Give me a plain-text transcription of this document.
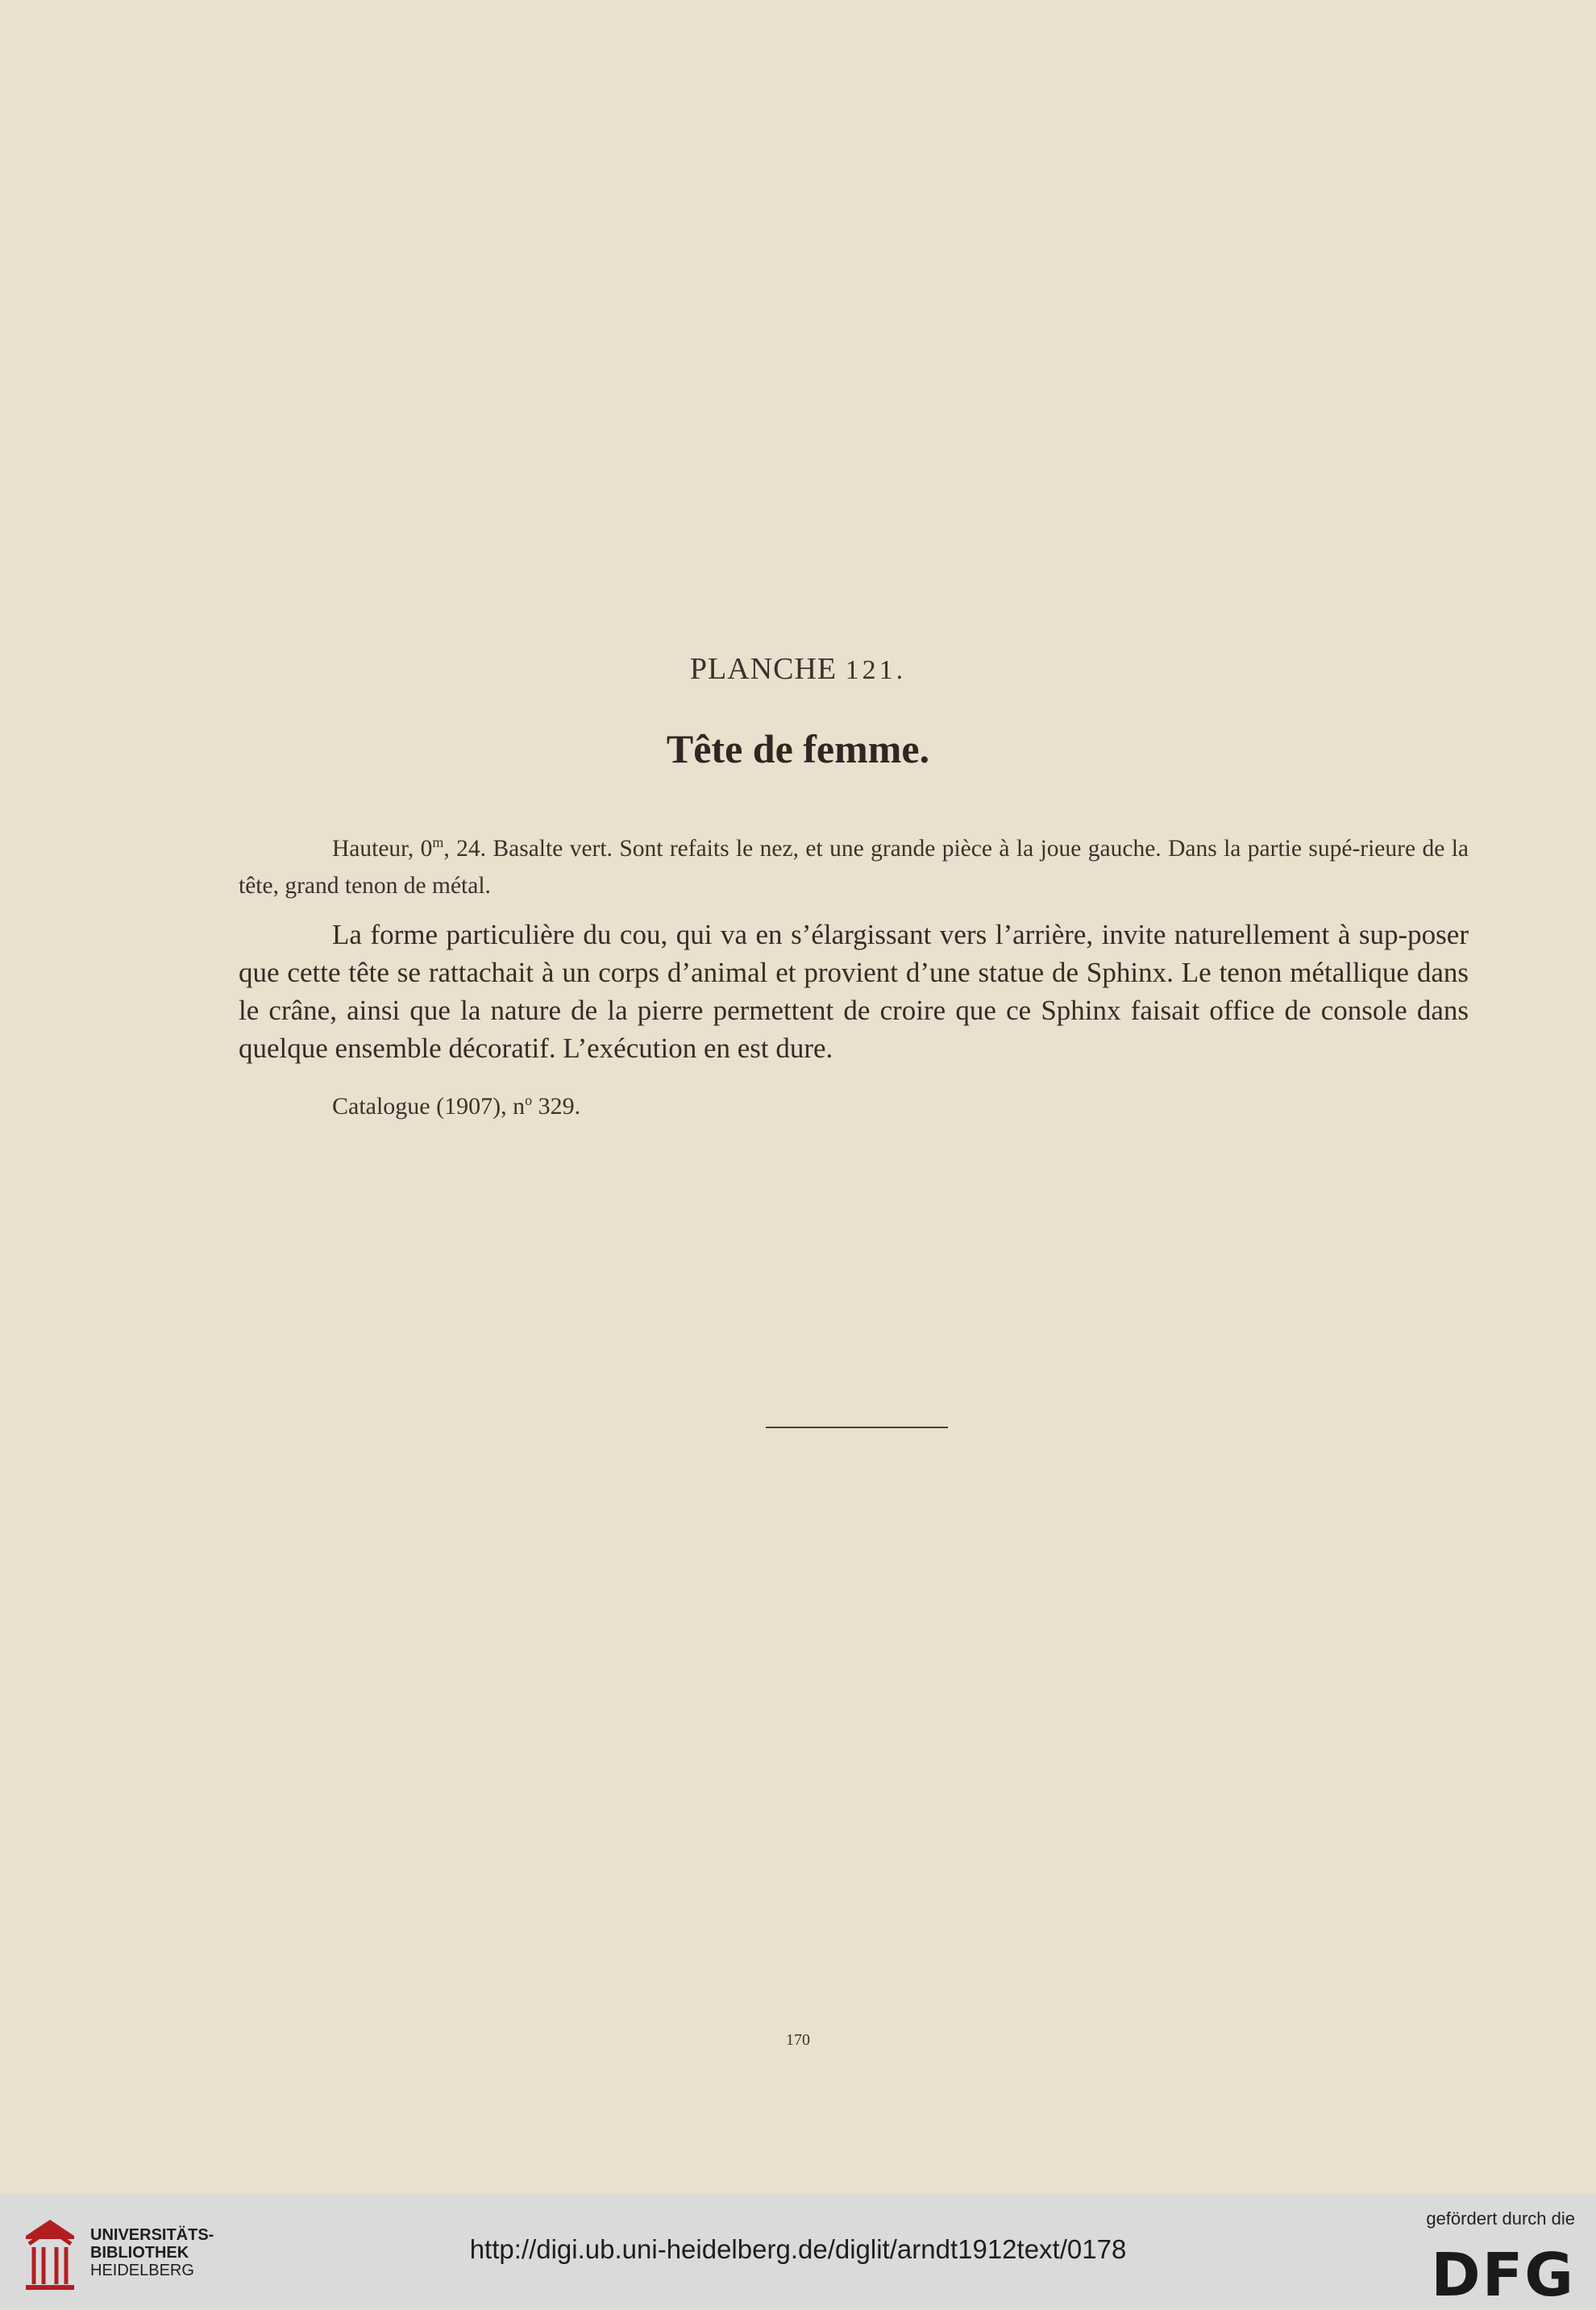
PLANCHE 121.
Tête de femme.
Hauteur, 0$^m$, 24. Basalte vert. Sont refaits le nez, et une grande pièce à la joue gauche. Dans la partie supé-rieure de la tête, grand tenon de métal.
La forme particulière du cou, qui va en s’élargissant vers l’arrière, invite naturellement à sup-poser que cette tête se rattachait à un corps d’animal et provient d’une statue de Sphinx. Le tenon métallique dans le crâne, ainsi que la nature de la pierre permettent de croire que ce Sphinx faisait office de console dans quelque ensemble décoratif. L’exécution en est dure.
Catalogue (1907), $n^o$ 329.
170
UNIVERSITÄTS-
BIBLIOTHEK
HEIDELBERG
http://digi.ub.uni-heidelberg.de/diglit/arndt1912text/0178
gefördert durch die
DFG
